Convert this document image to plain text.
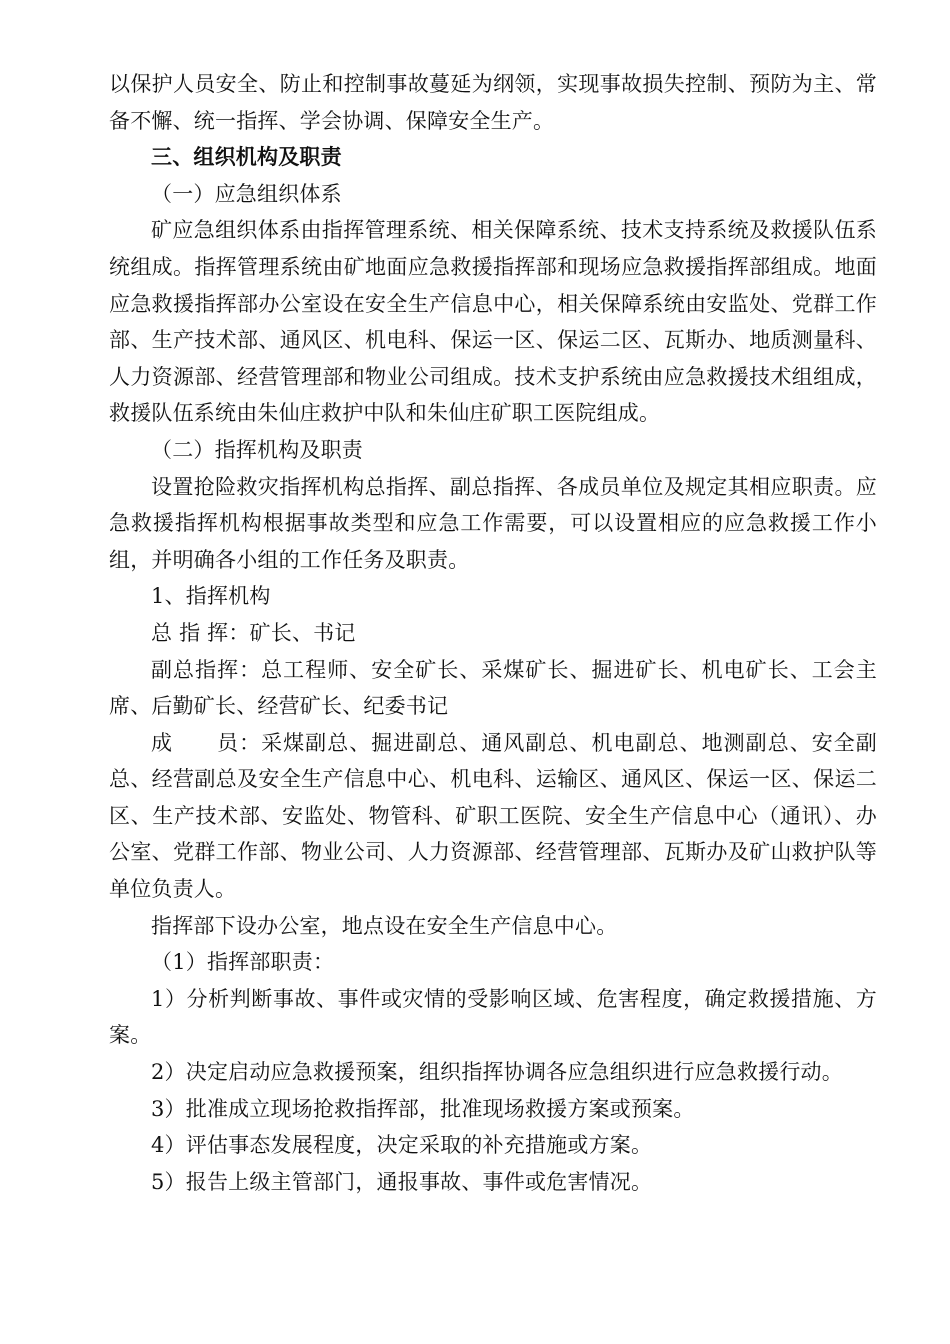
以保护人员安全、防止和控制事故蔓延为纲领，实现事故损失控制、预防为主、常备不懈、统一指挥、学会协调、保障安全生产。

三、组织机构及职责

（一）应急组织体系

矿应急组织体系由指挥管理系统、相关保障系统、技术支持系统及救援队伍系统组成。指挥管理系统由矿地面应急救援指挥部和现场应急救援指挥部组成。地面应急救援指挥部办公室设在安全生产信息中心，相关保障系统由安监处、党群工作部、生产技术部、通风区、机电科、保运一区、保运二区、瓦斯办、地质测量科、人力资源部、经营管理部和物业公司组成。技术支护系统由应急救援技术组组成，救援队伍系统由朱仙庄救护中队和朱仙庄矿职工医院组成。

（二）指挥机构及职责

设置抢险救灾指挥机构总指挥、副总指挥、各成员单位及规定其相应职责。应急救援指挥机构根据事故类型和应急工作需要，可以设置相应的应急救援工作小组，并明确各小组的工作任务及职责。

1、指挥机构

总 指 挥：矿长、书记

副总指挥：总工程师、安全矿长、采煤矿长、掘进矿长、机电矿长、工会主席、后勤矿长、经营矿长、纪委书记

成　　员：采煤副总、掘进副总、通风副总、机电副总、地测副总、安全副总、经营副总及安全生产信息中心、机电科、运输区、通风区、保运一区、保运二区、生产技术部、安监处、物管科、矿职工医院、安全生产信息中心（通讯）、办公室、党群工作部、物业公司、人力资源部、经营管理部、瓦斯办及矿山救护队等单位负责人。

指挥部下设办公室，地点设在安全生产信息中心。

（1）指挥部职责：

1）分析判断事故、事件或灾情的受影响区域、危害程度，确定救援措施、方案。

2）决定启动应急救援预案，组织指挥协调各应急组织进行应急救援行动。

3）批准成立现场抢救指挥部，批准现场救援方案或预案。

4）评估事态发展程度，决定采取的补充措施或方案。

5）报告上级主管部门，通报事故、事件或危害情况。
